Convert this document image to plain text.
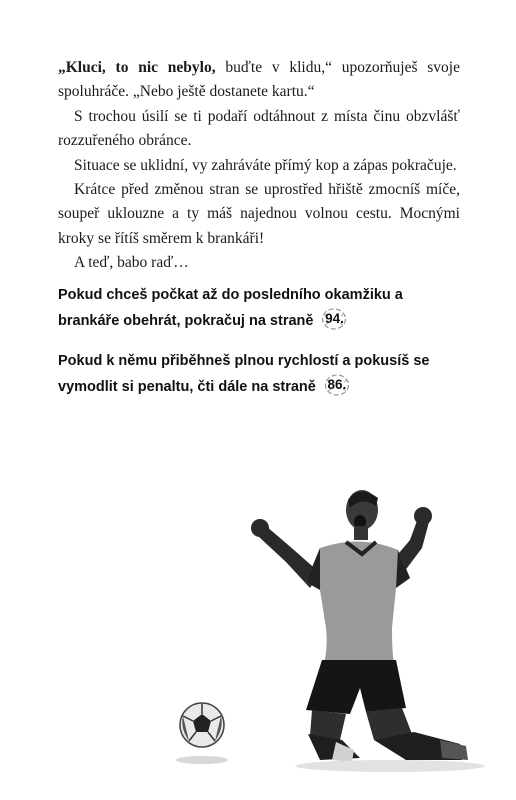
„Kluci, to nic nebylo, buďte v klidu,“ upozorňuješ svoje spoluhráče. „Nebo ještě dostanete kartu.“

S trochou úsilí se ti podaří odtáhnout z místa činu obzvlášť rozzuřeného obránce.

Situace se uklidní, vy zahráváte přímý kop a zápas pokračuje.

Krátce před změnou stran se uprostřed hřiště zmocníš míče, soupeř uklouzne a ty máš najednou volnou cestu. Mocnými kroky se řítíš směrem k brankáři!

A teď, babo raď…

Pokud chceš počkat až do posledního okamžiku a brankáře obehrát, pokračuj na straně 94.
Pokud k němu přiběhneš plnou rychlostí a pokusíš se vymodlit si penaltu, čti dále na straně 86.
